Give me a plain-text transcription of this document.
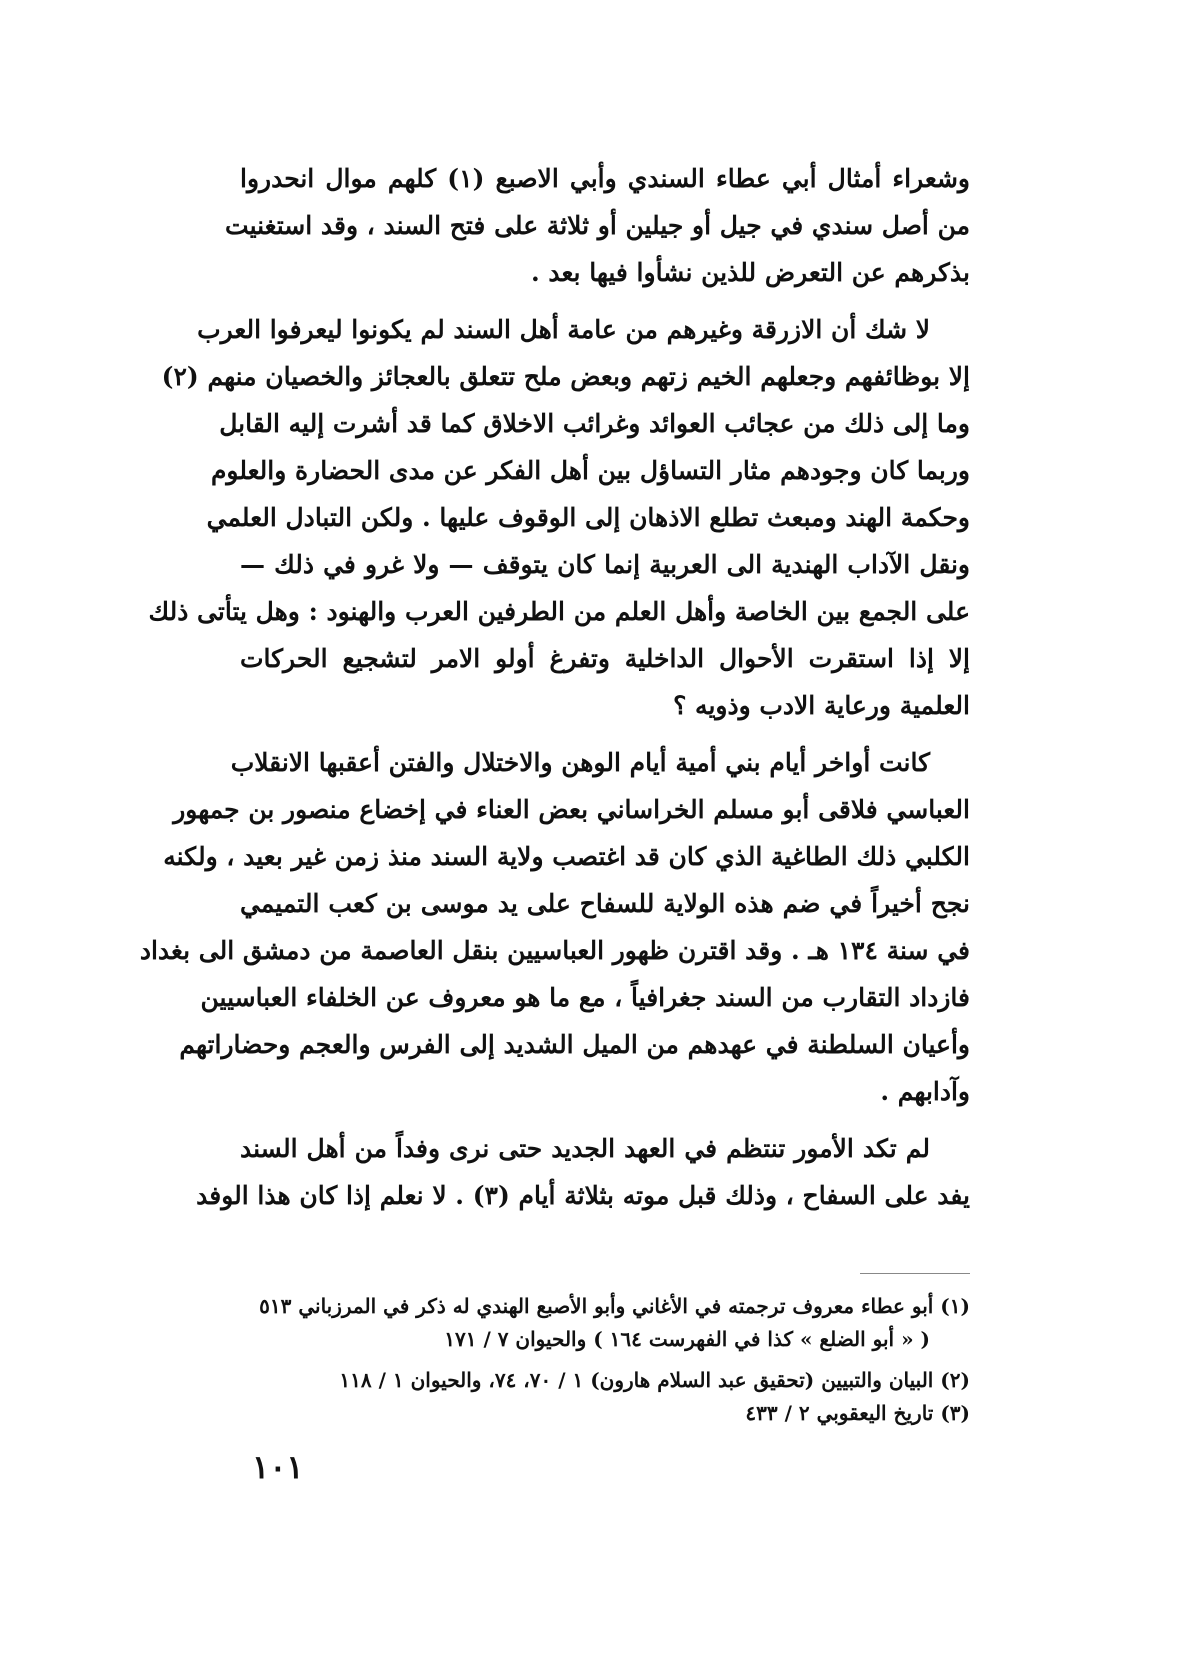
وشعراء أمثال أبي عطاء السندي وأبي الاصبع (١) كلهم موال انحدروا
من أصل سندي في جيل أو جيلين أو ثلاثة على فتح السند ، وقد استغنيت
بذكرهم عن التعرض للذين نشأوا فيها بعد .
لا شك أن الازرقة وغيرهم من عامة أهل السند لم يكونوا ليعرفوا العرب
إلا بوظائفهم وجعلهم الخيم زتهم وبعض ملح تتعلق بالعجائز والخصيان منهم (٢)
وما إلى ذلك من عجائب العوائد وغرائب الاخلاق كما قد أشرت إليه القابل
وربما كان وجودهم مثار التساؤل بين أهل الفكر عن مدى الحضارة والعلوم
وحكمة الهند ومبعث تطلع الاذهان إلى الوقوف عليها . ولكن التبادل العلمي
ونقل الآداب الهندية الى العربية إنما كان يتوقف — ولا غرو في ذلك —
على الجمع بين الخاصة وأهل العلم من الطرفين العرب والهنود : وهل يتأتى ذلك
إلا إذا استقرت الأحوال الداخلية وتفرغ أولو الامر لتشجيع الحركات
العلمية ورعاية الادب وذويه ؟
كانت أواخر أيام بني أمية أيام الوهن والاختلال والفتن أعقبها الانقلاب
العباسي فلاقى أبو مسلم الخراساني بعض العناء في إخضاع منصور بن جمهور
الكلبي ذلك الطاغية الذي كان قد اغتصب ولاية السند منذ زمن غير بعيد ، ولكنه
نجح أخيراً في ضم هذه الولاية للسفاح على يد موسى بن كعب التميمي
في سنة ١٣٤ هـ . وقد اقترن ظهور العباسيين بنقل العاصمة من دمشق الى بغداد
فازداد التقارب من السند جغرافياً ، مع ما هو معروف عن الخلفاء العباسيين
وأعيان السلطنة في عهدهم من الميل الشديد إلى الفرس والعجم وحضاراتهم
وآدابهم .
لم تكد الأمور تنتظم في العهد الجديد حتى نرى وفداً من أهل السند
يفد على السفاح ، وذلك قبل موته بثلاثة أيام (٣) . لا نعلم إذا كان هذا الوفد
(١) أبو عطاء معروف ترجمته في الأغاني وأبو الأصبع الهندي له ذكر في المرزباني ٥١٣
( « أبو الضلع » كذا في الفهرست ١٦٤ ) والحيوان ٧ / ١٧١
(٢) البيان والتبيين (تحقيق عبد السلام هارون) ١ / ٧٠، ٧٤، والحيوان ١ / ١١٨
(٣) تاريخ اليعقوبي ٢ / ٤٣٣
١٠١
